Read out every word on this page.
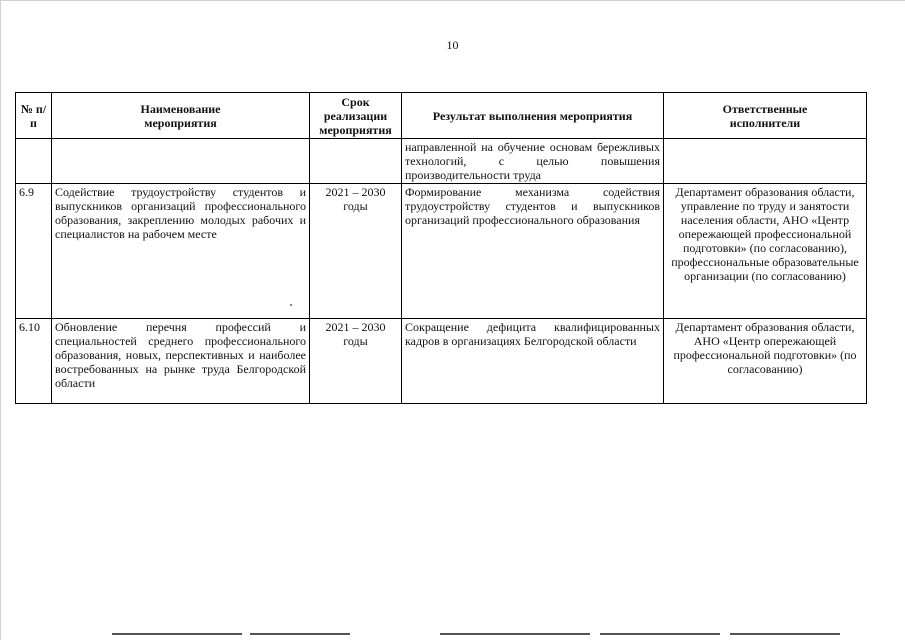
10
№ п/п	Наименование мероприятия	Срок реализации мероприятия	Результат выполнения мероприятия	Ответственные исполнители
			направленной на обучение основам бережливых технологий, с целью повышения производительности труда	
6.9	Содействие трудоустройству студентов и выпускников организаций профессионального образования, закреплению молодых рабочих и специалистов на рабочем месте	2021 – 2030 годы	Формирование механизма содействия трудоустройству студентов и выпускников организаций профессионального образования	Департамент образования области, управление по труду и занятости населения области, АНО «Центр опережающей профессиональной подготовки» (по согласованию), профессиональные образовательные организации (по согласованию)
6.10	Обновление перечня профессий и специальностей среднего профессионального образования, новых, перспективных и наиболее востребованных на рынке труда Белгородской области	2021 – 2030 годы	Сокращение дефицита квалифицированных кадров в организациях Белгородской области	Департамент образования области, АНО «Центр опережающей профессиональной подготовки» (по согласованию)
